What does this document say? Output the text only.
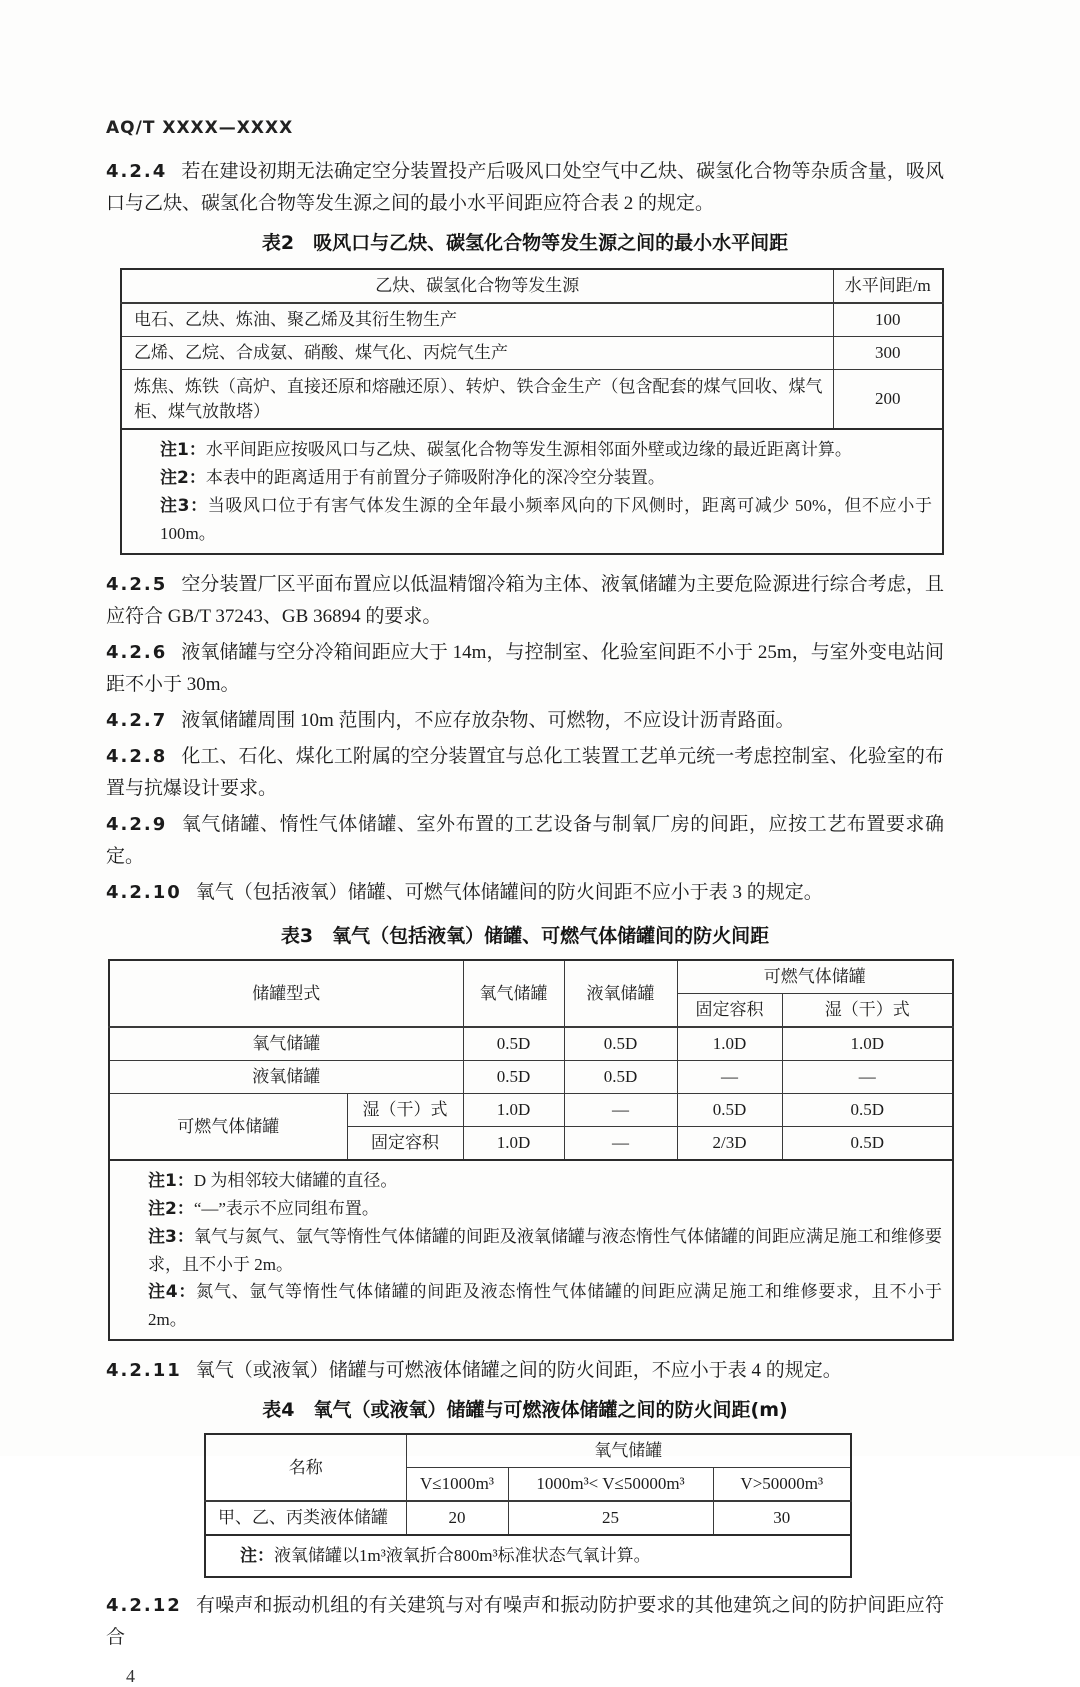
AQ/T XXXX—XXXX

4.2.4 若在建设初期无法确定空分装置投产后吸风口处空气中乙炔、碳氢化合物等杂质含量，吸风口与乙炔、碳氢化合物等发生源之间的最小水平间距应符合表 2 的规定。

表2　吸风口与乙炔、碳氢化合物等发生源之间的最小水平间距
乙炔、碳氢化合物等发生源	水平间距/m
电石、乙炔、炼油、聚乙烯及其衍生物生产	100
乙烯、乙烷、合成氨、硝酸、煤气化、丙烷气生产	300
炼焦、炼铁（高炉、直接还原和熔融还原）、转炉、铁合金生产（包含配套的煤气回收、煤气柜、煤气放散塔）	200

注1：水平间距应按吸风口与乙炔、碳氢化合物等发生源相邻面外壁或边缘的最近距离计算。
注2：本表中的距离适用于有前置分子筛吸附净化的深冷空分装置。
注3：当吸风口位于有害气体发生源的全年最小频率风向的下风侧时，距离可减少 50%，但不应小于 100m。	

4.2.5 空分装置厂区平面布置应以低温精馏冷箱为主体、液氧储罐为主要危险源进行综合考虑，且应符合 GB/T 37243、GB 36894 的要求。

4.2.6 液氧储罐与空分冷箱间距应大于 14m，与控制室、化验室间距不小于 25m，与室外变电站间距不小于 30m。

4.2.7 液氧储罐周围 10m 范围内，不应存放杂物、可燃物，不应设计沥青路面。

4.2.8 化工、石化、煤化工附属的空分装置宜与总化工装置工艺单元统一考虑控制室、化验室的布置与抗爆设计要求。

4.2.9 氧气储罐、惰性气体储罐、室外布置的工艺设备与制氧厂房的间距，应按工艺布置要求确定。

4.2.10 氧气（包括液氧）储罐、可燃气体储罐间的防火间距不应小于表 3 的规定。

表3　氧气（包括液氧）储罐、可燃气体储罐间的防火间距
储罐型式		氧气储罐	液氧储罐	可燃气体储罐	
				固定容积	湿（干）式
氧气储罐		0.5D	0.5D	1.0D	1.0D
液氧储罐		0.5D	0.5D	—	—
可燃气体储罐	湿（干）式	1.0D	—	0.5D	0.5D
	固定容积	1.0D	—	2/3D	0.5D

注1：D 为相邻较大储罐的直径。
注2：“—”表示不应同组布置。
注3：氧气与氮气、氩气等惰性气体储罐的间距及液氧储罐与液态惰性气体储罐的间距应满足施工和维修要求，且不小于 2m。
注4：氮气、氩气等惰性气体储罐的间距及液态惰性气体储罐的间距应满足施工和维修要求，且不小于 2m。					

4.2.11 氧气（或液氧）储罐与可燃液体储罐之间的防火间距，不应小于表 4 的规定。

表4　氧气（或液氧）储罐与可燃液体储罐之间的防火间距(m)
名称	氧气储罐		
	V≤1000m³	1000m³< V≤50000m³	V>50000m³
甲、乙、丙类液体储罐	20	25	30

注：液氧储罐以1m³液氧折合800m³标准状态气氧计算。			

4.2.12 有噪声和振动机组的有关建筑与对有噪声和振动防护要求的其他建筑之间的防护间距应符合

4
